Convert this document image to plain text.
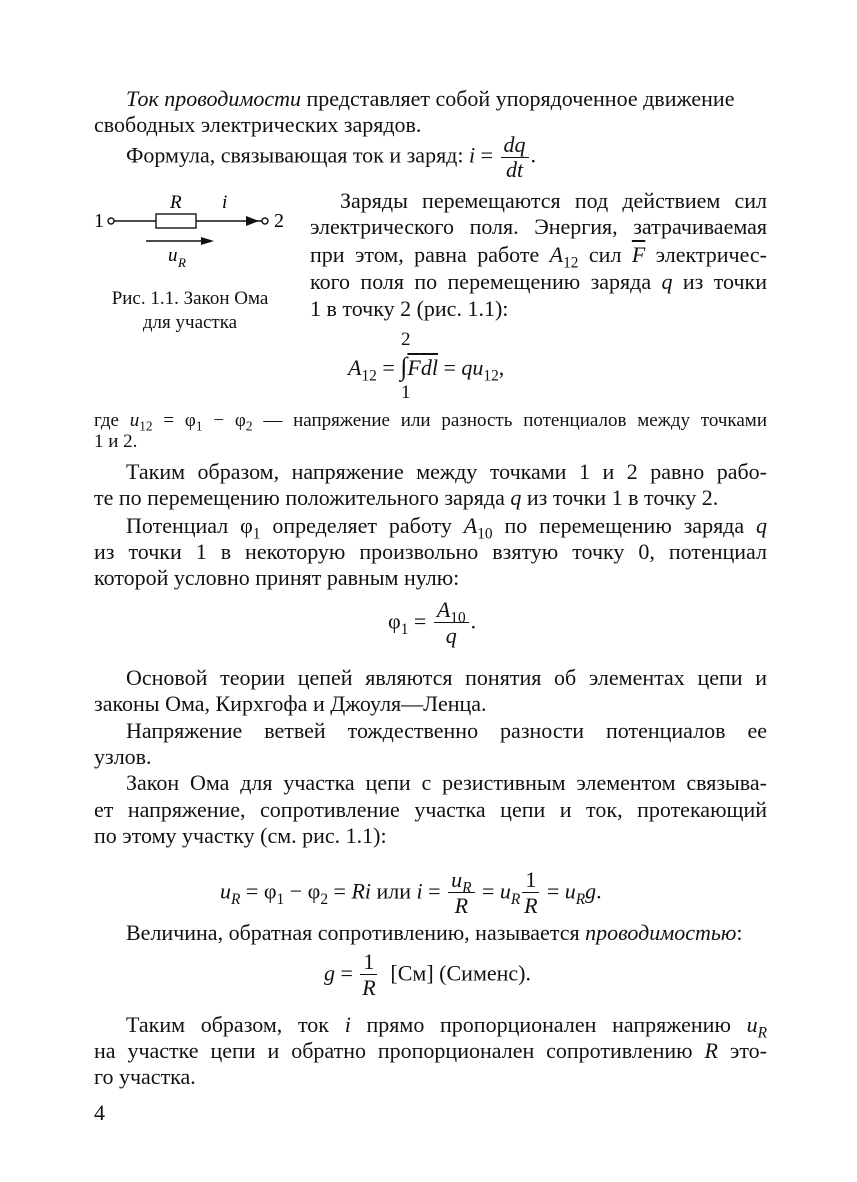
Ток проводимости представляет собой упорядоченное движение
свободных электрических зарядов.
Формула, связывающая ток и заряд: $i = \frac{dq}{dt}$ .
1	2
R i
u R
Рис. 1.1. Закон Ома
для участка
Заряды перемещаются под действием сил
электрического поля. Энергия, затрачиваемая
при этом, равна работе $A_{12}$ сил $\overline{F}$ электричес-
кого поля по перемещению заряда q из точки
1 в точку 2 (рис. 1.1):
2
1
$A_{12} = \int\overline{F}\overline{dl} = qu_{12}$,
где $u_{12} = \varphi_1 - \varphi_2$ — напряжение или разность потенциалов между точками
1 и 2.
Таким образом, напряжение между точками 1 и 2 равно рабо-
те по перемещению положительного заряда q из точки 1 в точку 2.
Потенциал $\varphi_1$ определяет работу $A_{10}$ по перемещению заряда q
из точки 1 в некоторую произвольно взятую точку 0, потенциал
которой условно принят равным нулю:
$\varphi_1 = \frac{A_{10}}{q}$.
Основой теории цепей являются понятия об элементах цепи и
законы Ома, Кирхгофа и Джоуля—Ленца.
Напряжение ветвей тождественно разности потенциалов ее
узлов.
Закон Ома для участка цепи с резистивным элементом связыва-
ет напряжение, сопротивление участка цепи и ток, протекающий
по этому участку (см. рис. 1.1):
$u_R = \varphi_1 - \varphi_2 = Ri$ или $i = \frac{u_R}{R} = u_R \frac{1}{R} = u_Rg$.
Величина, обратная сопротивлению, называется проводимостью:
$g = \frac{1}{R} [См]$ (Сименс).
Таким образом, ток i прямо пропорционален напряжению $u_R$
на участке цепи и обратно пропорционален сопротивлению R это-
го участка.
4
